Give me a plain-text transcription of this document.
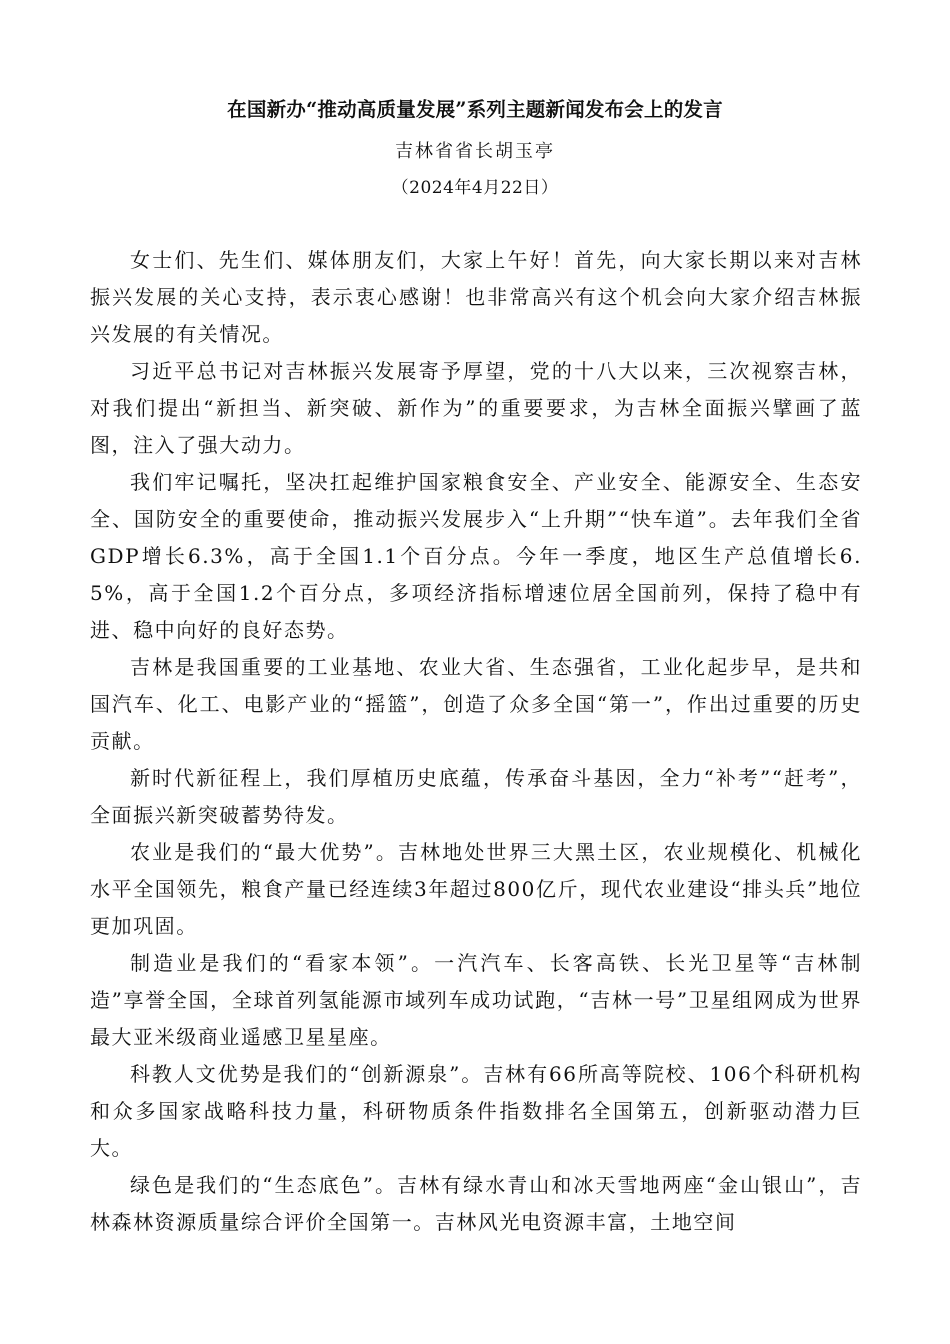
在国新办“推动高质量发展”系列主题新闻发布会上的发言
吉林省省长胡玉亭
（2024年4月22日）

女士们、先生们、媒体朋友们，大家上午好！首先，向大家长期以来对吉林振兴发展的关心支持，表示衷心感谢！也非常高兴有这个机会向大家介绍吉林振兴发展的有关情况。

习近平总书记对吉林振兴发展寄予厚望，党的十八大以来，三次视察吉林，对我们提出“新担当、新突破、新作为”的重要要求，为吉林全面振兴擘画了蓝图，注入了强大动力。

我们牢记嘱托，坚决扛起维护国家粮食安全、产业安全、能源安全、生态安全、国防安全的重要使命，推动振兴发展步入“上升期”“快车道”。去年我们全省GDP增长6.3%，高于全国1.1个百分点。今年一季度，地区生产总值增长6.5%，高于全国1.2个百分点，多项经济指标增速位居全国前列，保持了稳中有进、稳中向好的良好态势。

吉林是我国重要的工业基地、农业大省、生态强省，工业化起步早，是共和国汽车、化工、电影产业的“摇篮”，创造了众多全国“第一”，作出过重要的历史贡献。

新时代新征程上，我们厚植历史底蕴，传承奋斗基因，全力“补考”“赶考”，全面振兴新突破蓄势待发。

农业是我们的“最大优势”。吉林地处世界三大黑土区，农业规模化、机械化水平全国领先，粮食产量已经连续3年超过800亿斤，现代农业建设“排头兵”地位更加巩固。

制造业是我们的“看家本领”。一汽汽车、长客高铁、长光卫星等“吉林制造”享誉全国，全球首列氢能源市域列车成功试跑，“吉林一号”卫星组网成为世界最大亚米级商业遥感卫星星座。

科教人文优势是我们的“创新源泉”。吉林有66所高等院校、106个科研机构和众多国家战略科技力量，科研物质条件指数排名全国第五，创新驱动潜力巨大。

绿色是我们的“生态底色”。吉林有绿水青山和冰天雪地两座“金山银山”，吉林森林资源质量综合评价全国第一。吉林风光电资源丰富，土地空间
